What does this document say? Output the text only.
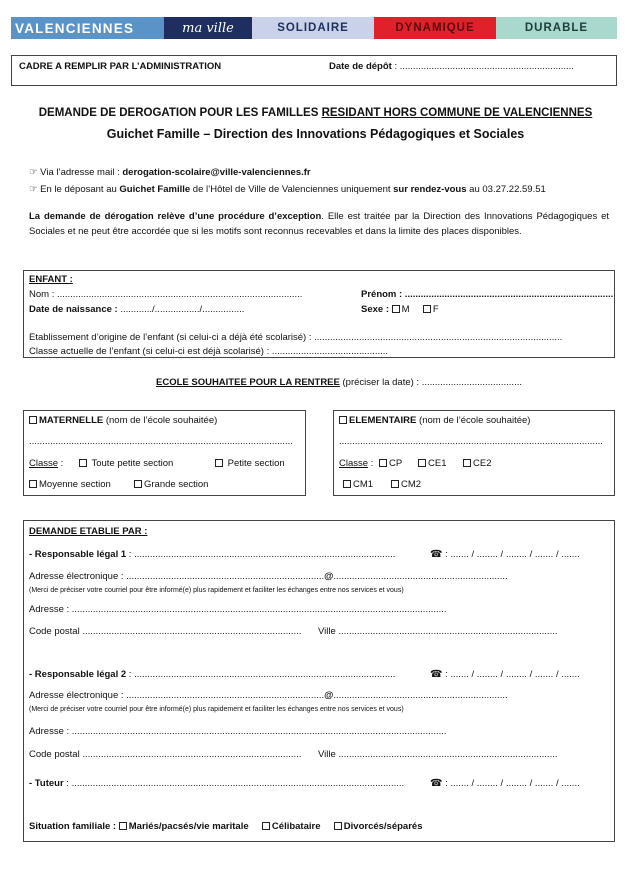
VALENCIENNES	ma ville	SOLIDAIRE	DYNAMIQUE	DURABLE
CADRE A REMPLIR PAR L’ADMINISTRATION	Date de dépôt : ..................................................................
DEMANDE DE DEROGATION POUR LES FAMILLES RESIDANT HORS COMMUNE DE VALENCIENNES
Guichet Famille – Direction des Innovations Pédagogiques et Sociales
☞ Via l’adresse mail : derogation-scolaire@ville-valenciennes.fr
☞ En le déposant au Guichet Famille de l’Hôtel de Ville de Valenciennes uniquement sur rendez-vous au 03.27.22.59.51
La demande de dérogation relève d’une procédure d’exception. Elle est traitée par la Direction des Innovations Pédagogiques et Sociales et ne peut être accordée que si les motifs sont reconnus recevables et dans la limite des places disponibles.
ENFANT :
Nom : .............................................................................................	Prénom : ...............................................................................
Date de naissance : ............/................./................	Sexe : M F
Etablissement d’origine de l’enfant (si celui-ci a déjà été scolarisé) : ..............................................................................................
Classe actuelle de l’enfant (si celui-ci est déjà scolarisé) : ............................................
ECOLE SOUHAITEE POUR LA RENTREE (préciser la date) : ......................................
MATERNELLE (nom de l’école souhaitée)
....................................................................................................
Classe :	Toute petite section	Petite section
Moyenne section	Grande section
ELEMENTAIRE (nom de l’école souhaitée)
....................................................................................................
Classe :	CP	CE1	CE2
CM1	CM2
DEMANDE ETABLIE PAR :
- Responsable légal 1 : ...................................................................................................	☎ : ....... / ........ / ........ / ....... / .......
Adresse électronique : ...........................................................................@..................................................................
(Merci de préciser votre courriel pour être informé(e) plus rapidement et faciliter les échanges entre nos services et vous)
Adresse : ..............................................................................................................................................
Code postal ................................................................................... Ville ...................................................................................
- Responsable légal 2 : ...................................................................................................	☎ : ....... / ........ / ........ / ....... / .......
Adresse électronique : ...........................................................................@..................................................................
(Merci de préciser votre courriel pour être informé(e) plus rapidement et faciliter les échanges entre nos services et vous)
Adresse : ..............................................................................................................................................
Code postal ................................................................................... Ville ...................................................................................
- Tuteur : ..............................................................................................................................	☎ : ....... / ........ / ........ / ....... / .......
Situation familiale : Mariés/pacsés/vie maritale Célibataire Divorcés/séparés
